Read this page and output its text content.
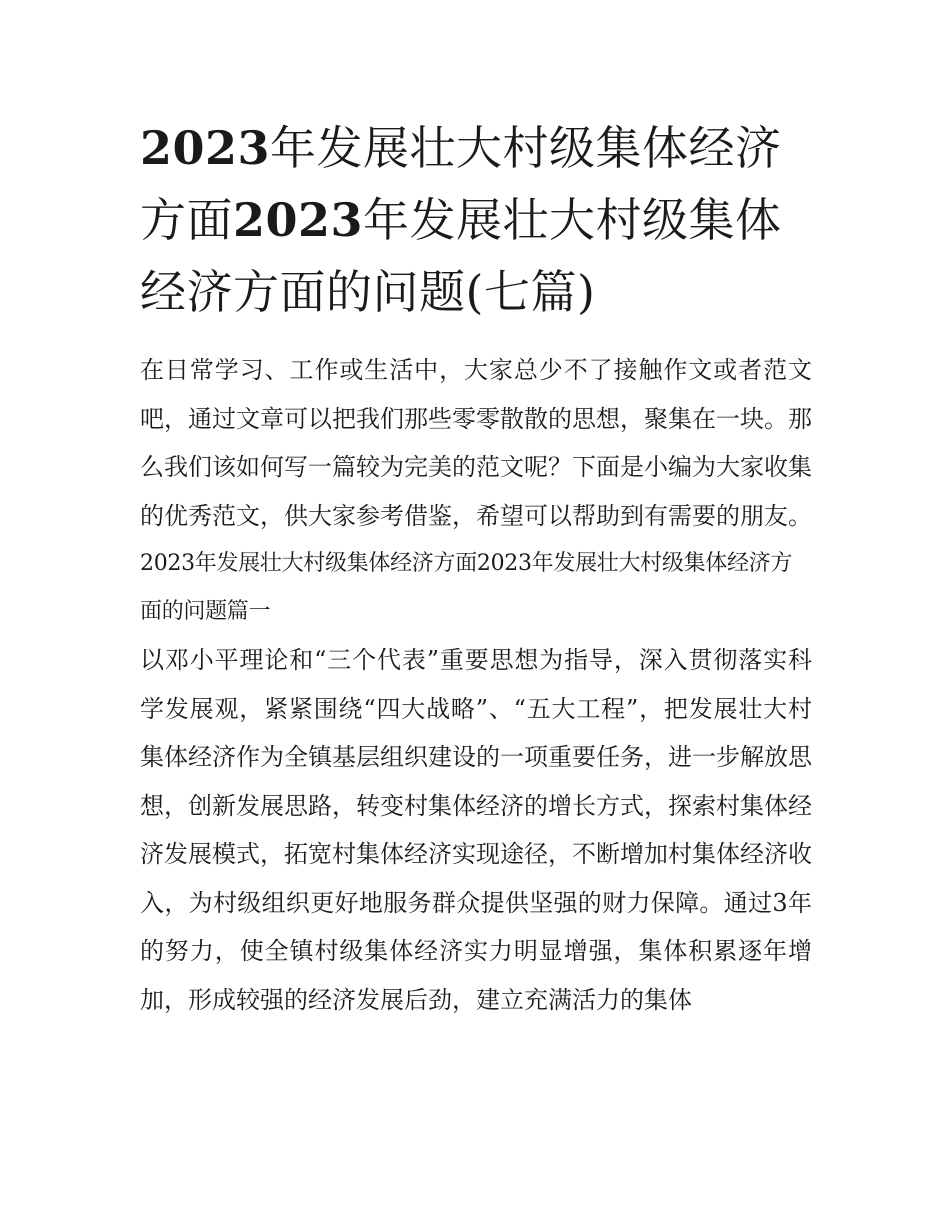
2023年发展壮大村级集体经济方面2023年发展壮大村级集体经济方面的问题(七篇)

在日常学习、工作或生活中，大家总少不了接触作文或者范文吧，通过文章可以把我们那些零零散散的思想，聚集在一块。那么我们该如何写一篇较为完美的范文呢？下面是小编为大家收集的优秀范文，供大家参考借鉴，希望可以帮助到有需要的朋友。

2023年发展壮大村级集体经济方面2023年发展壮大村级集体经济方面的问题篇一

以邓小平理论和“三个代表”重要思想为指导，深入贯彻落实科学发展观，紧紧围绕“四大战略”、“五大工程”，把发展壮大村集体经济作为全镇基层组织建设的一项重要任务，进一步解放思想，创新发展思路，转变村集体经济的增长方式，探索村集体经济发展模式，拓宽村集体经济实现途径，不断增加村集体经济收入，为村级组织更好地服务群众提供坚强的财力保障。通过3年的努力，使全镇村级集体经济实力明显增强，集体积累逐年增加，形成较强的经济发展后劲，建立充满活力的集体
